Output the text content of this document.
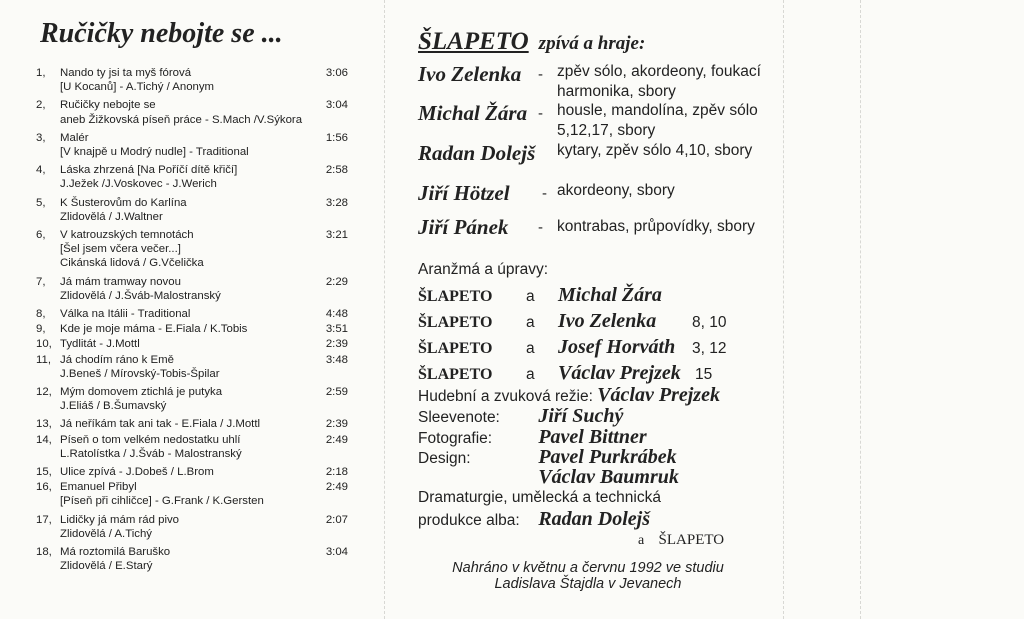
Ručičky nebojte se ...
1,	Nando ty jsi ta myš fórová	3:06
[U Kocanů] - A.Tichý / Anonym
2,	Ručičky nebojte se	3:04
aneb Žižkovská píseň práce - S.Mach /V.Sýkora
3,	Malér	1:56
[V knajpě u Modrý nudle] - Traditional
4,	Láska zhrzená [Na Poříčí dítě křičí]	2:58
J.Ježek /J.Voskovec - J.Werich
5,	K Šusterovům do Karlína	3:28
Zlidovělá / J.Waltner
6,	V katrouzských temnotách	3:21
[Šel jsem včera večer...]
Cikánská lidová / G.Včelička
7,	Já mám tramway novou	2:29
Zlidovělá / J.Šváb-Malostranský
8,	Válka na Itálii - Traditional	4:48
9,	Kde je moje máma - E.Fiala / K.Tobis	3:51
10, Tydlitát - J.Mottl	2:39
11, Já chodím ráno k Emě	3:48
J.Beneš / Mírovský-Tobis-Špilar
12, Mým domovem ztichlá je putyka	2:59
J.Eliáš / B.Šumavský
13, Já neříkám tak ani tak - E.Fiala / J.Mottl	2:39
14, Píseň o tom velkém nedostatku uhlí	2:49
L.Ratolístka / J.Šváb - Malostranský
15, Ulice zpívá - J.Dobeš / L.Brom	2:18
16, Emanuel Přibyl	2:49
[Píseň při cihličce] - G.Frank / K.Gersten
17, Lidičky já mám rád pivo	2:07
Zlidovělá / A.Tichý
18, Má roztomilá Baruško	3:04
Zlidovělá / E.Starý
ŠLAPETO zpívá a hraje:
Ivo Zelenka - zpěv sólo, akordeony, foukací harmonika, sbory
Michal Žára - housle, mandolína, zpěv sólo 5,12,17, sbory
Radan Dolejš kytary, zpěv sólo 4,10, sbory
Jiří Hötzel - akordeony, sbory
Jiří Pánek - kontrabas, průpovídky, sbory
Aranžmá a úpravy:
ŠLAPETO a Michal Žára
ŠLAPETO a Ivo Zelenka 8, 10
ŠLAPETO a Josef Horváth 3, 12
ŠLAPETO a Václav Prejzek 15
Hudební a zvuková režie: Václav Prejzek
Sleevenote: Jiří Suchý
Fotografie: Pavel Bittner
Design:	Pavel Purkrábek
Václav Baumruk
Dramaturgie, umělecká a technická
produkce alba: Radan Dolejš
a ŠLAPETO
Nahráno v květnu a červnu 1992 ve studiu
Ladislava Štajdla v Jevanech
